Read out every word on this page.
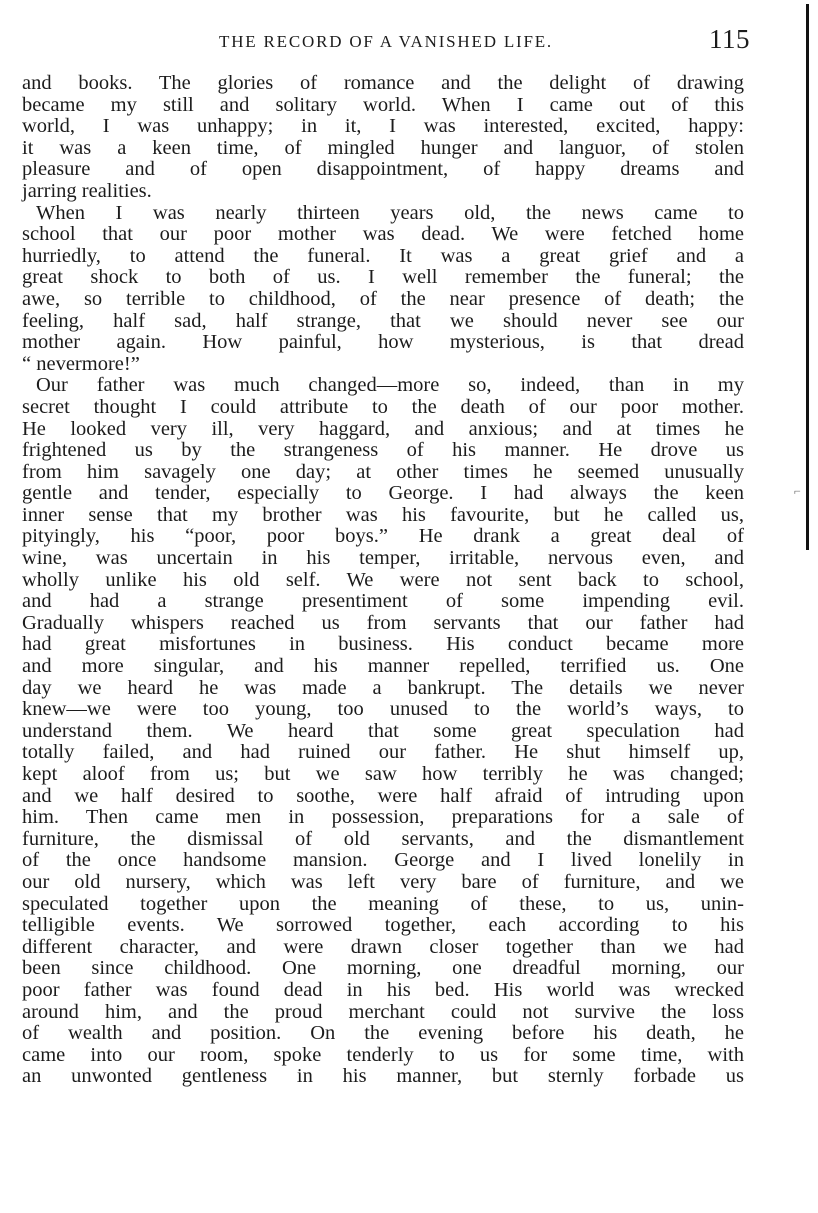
⌐
THE RECORD OF A VANISHED LIFE.	115
and books. The glories of romance and the delight of drawing
became my still and solitary world. When I came out of this
world, I was unhappy; in it, I was interested, excited, happy:
it was a keen time, of mingled hunger and languor, of stolen
pleasure and of open disappointment, of happy dreams and
jarring realities.
When I was nearly thirteen years old, the news came to
school that our poor mother was dead. We were fetched home
hurriedly, to attend the funeral. It was a great grief and a
great shock to both of us. I well remember the funeral; the
awe, so terrible to childhood, of the near presence of death; the
feeling, half sad, half strange, that we should never see our
mother again. How painful, how mysterious, is that dread
“ nevermore!”
Our father was much changed—more so, indeed, than in my
secret thought I could attribute to the death of our poor mother.
He looked very ill, very haggard, and anxious; and at times he
frightened us by the strangeness of his manner. He drove us
from him savagely one day; at other times he seemed unusually
gentle and tender, especially to George. I had always the keen
inner sense that my brother was his favourite, but he called us,
pityingly, his “poor, poor boys.” He drank a great deal of
wine, was uncertain in his temper, irritable, nervous even, and
wholly unlike his old self. We were not sent back to school,
and had a strange presentiment of some impending evil.
Gradually whispers reached us from servants that our father had
had great misfortunes in business. His conduct became more
and more singular, and his manner repelled, terrified us. One
day we heard he was made a bankrupt. The details we never
knew—we were too young, too unused to the world’s ways, to
understand them. We heard that some great speculation had
totally failed, and had ruined our father. He shut himself up,
kept aloof from us; but we saw how terribly he was changed;
and we half desired to soothe, were half afraid of intruding upon
him. Then came men in possession, preparations for a sale of
furniture, the dismissal of old servants, and the dismantlement
of the once handsome mansion. George and I lived lonelily in
our old nursery, which was left very bare of furniture, and we
speculated together upon the meaning of these, to us, unin-
telligible events. We sorrowed together, each according to his
different character, and were drawn closer together than we had
been since childhood. One morning, one dreadful morning, our
poor father was found dead in his bed. His world was wrecked
around him, and the proud merchant could not survive the loss
of wealth and position. On the evening before his death, he
came into our room, spoke tenderly to us for some time, with
an unwonted gentleness in his manner, but sternly forbade us
